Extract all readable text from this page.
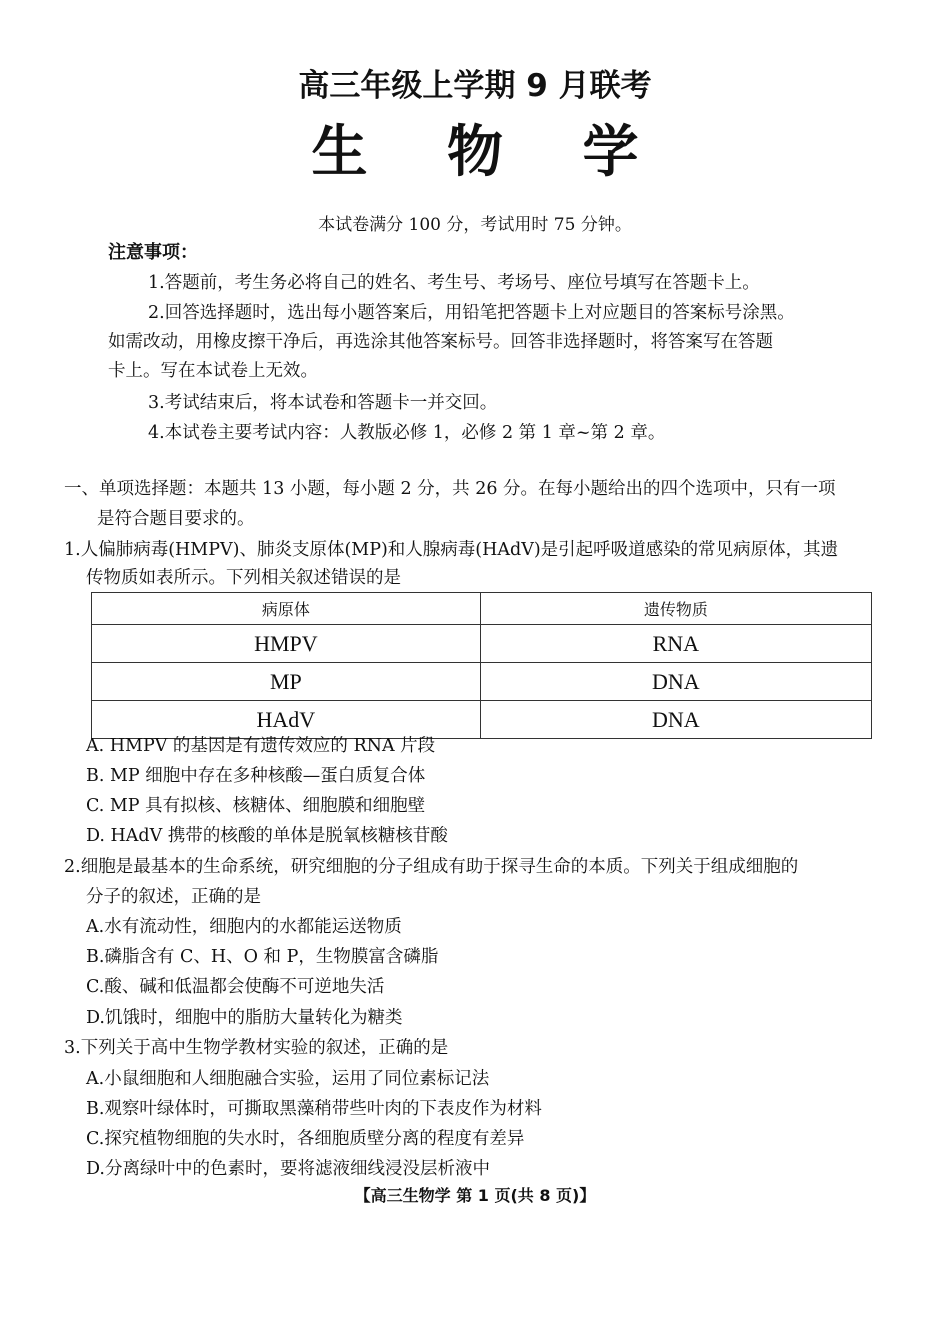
高三年级上学期 9 月联考
生 物 学
本试卷满分 100 分，考试用时 75 分钟。
注意事项：
1.答题前，考生务必将自己的姓名、考生号、考场号、座位号填写在答题卡上。
2.回答选择题时，选出每小题答案后，用铅笔把答题卡上对应题目的答案标号涂黑。
如需改动，用橡皮擦干净后，再选涂其他答案标号。回答非选择题时，将答案写在答题
卡上。写在本试卷上无效。
3.考试结束后，将本试卷和答题卡一并交回。
4.本试卷主要考试内容：人教版必修 1，必修 2 第 1 章~第 2 章。
一、单项选择题：本题共 13 小题，每小题 2 分，共 26 分。在每小题给出的四个选项中，只有一项
是符合题目要求的。
1.人偏肺病毒(HMPV)、肺炎支原体(MP)和人腺病毒(HAdV)是引起呼吸道感染的常见病原体，其遗
传物质如表所示。下列相关叙述错误的是
病原体	遗传物质
HMPV	RNA
MP	DNA
HAdV	DNA
A. HMPV 的基因是有遗传效应的 RNA 片段
B. MP 细胞中存在多种核酸—蛋白质复合体
C. MP 具有拟核、核糖体、细胞膜和细胞壁
D. HAdV 携带的核酸的单体是脱氧核糖核苷酸
2.细胞是最基本的生命系统，研究细胞的分子组成有助于探寻生命的本质。下列关于组成细胞的
分子的叙述，正确的是
A.水有流动性，细胞内的水都能运送物质
B.磷脂含有 C、H、O 和 P，生物膜富含磷脂
C.酸、碱和低温都会使酶不可逆地失活
D.饥饿时，细胞中的脂肪大量转化为糖类
3.下列关于高中生物学教材实验的叙述，正确的是
A.小鼠细胞和人细胞融合实验，运用了同位素标记法
B.观察叶绿体时，可撕取黑藻稍带些叶肉的下表皮作为材料
C.探究植物细胞的失水时，各细胞质壁分离的程度有差异
D.分离绿叶中的色素时，要将滤液细线浸没层析液中
【高三生物学 第 1 页(共 8 页)】
